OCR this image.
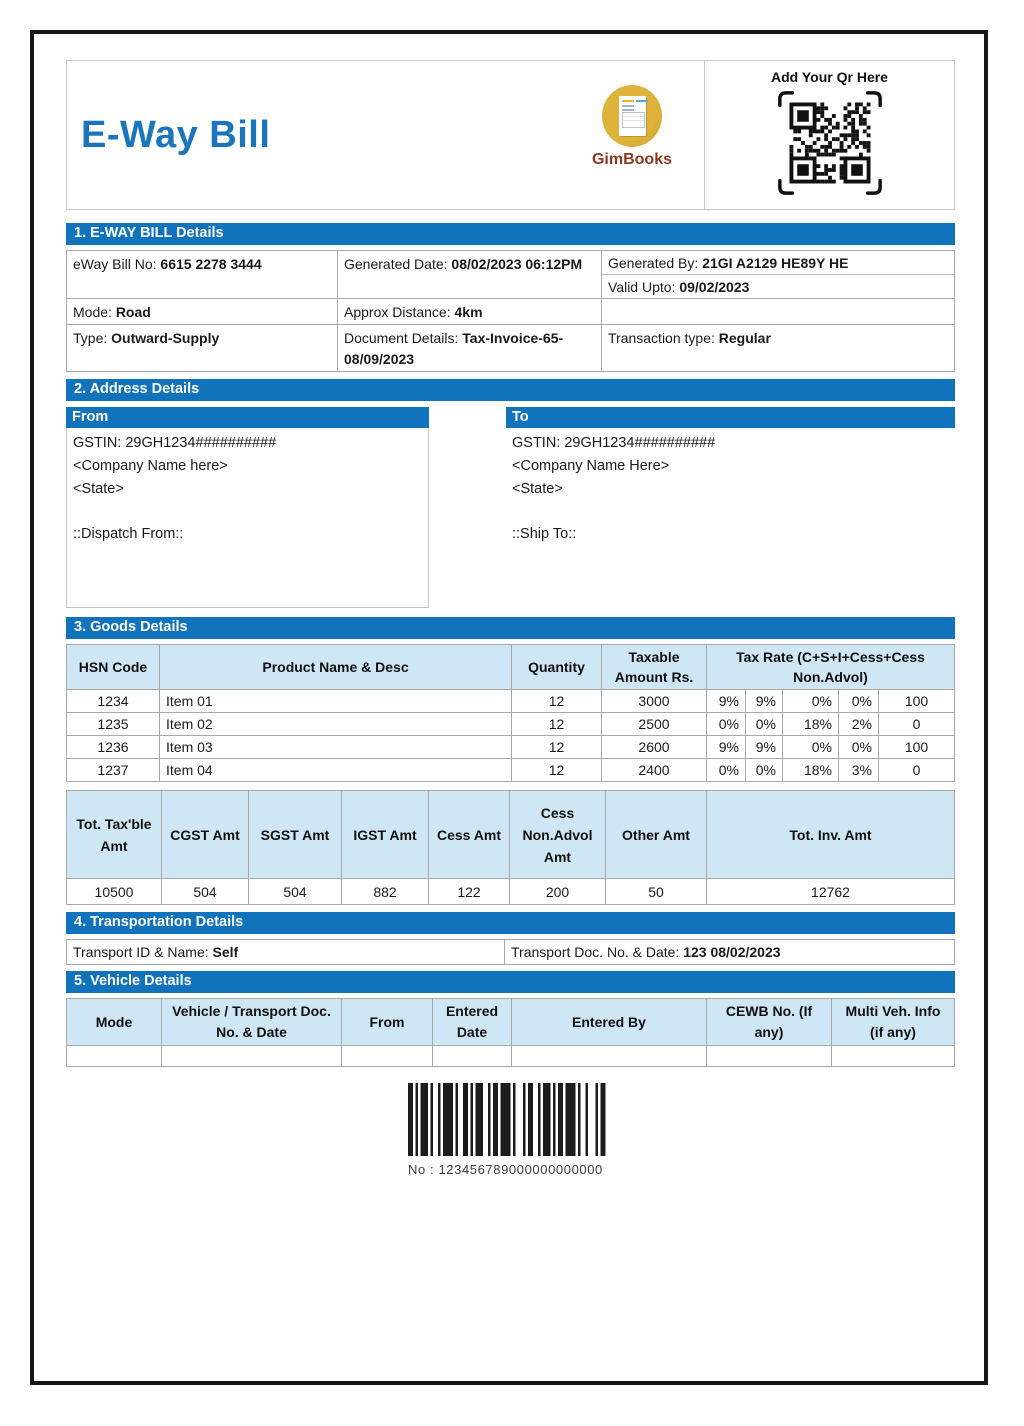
E-Way Bill
GimBooks
Add Your Qr Here
1. E-WAY BILL Details
eWay Bill No: 6615 2278 3444	Generated Date: 08/02/2023 06:12PM	Generated By: 21GI A2129 HE89Y HE
Valid Upto: 09/02/2023

Mode: Road	Approx Distance: 4km	
Type: Outward-Supply	Document Details: Tax-Invoice-65-08/09/2023	Transaction type: Regular
2. Address Details
From
GSTIN: 29GH1234##########
<Company Name here>
<State>
::Dispatch From::
To
GSTIN: 29GH1234##########
<Company Name Here>
<State>
::Ship To::
3. Goods Details
HSN Code	Product Name & Desc	Quantity	Taxable Amount Rs.	Tax Rate (C+S+I+Cess+Cess Non.Advol)				
1234	Item 01	12	3000	9%	9%	0%	0%	100
1235	Item 02	12	2500	0%	0%	18%	2%	0
1236	Item 03	12	2600	9%	9%	0%	0%	100
1237	Item 04	12	2400	0%	0%	18%	3%	0
Tot. Tax'ble Amt	CGST Amt	SGST Amt	IGST Amt	Cess Amt	Cess Non.Advol Amt	Other Amt	Tot. Inv. Amt
10500	504	504	882	122	200	50	12762
4. Transportation Details
Transport ID & Name: Self	Transport Doc. No. & Date: 123 08/02/2023
5. Vehicle Details
Mode	Vehicle / Transport Doc. No. & Date	From	Entered Date	Entered By	CEWB No. (If any)	Multi Veh. Info (if any)

No : 123456789000000000000
